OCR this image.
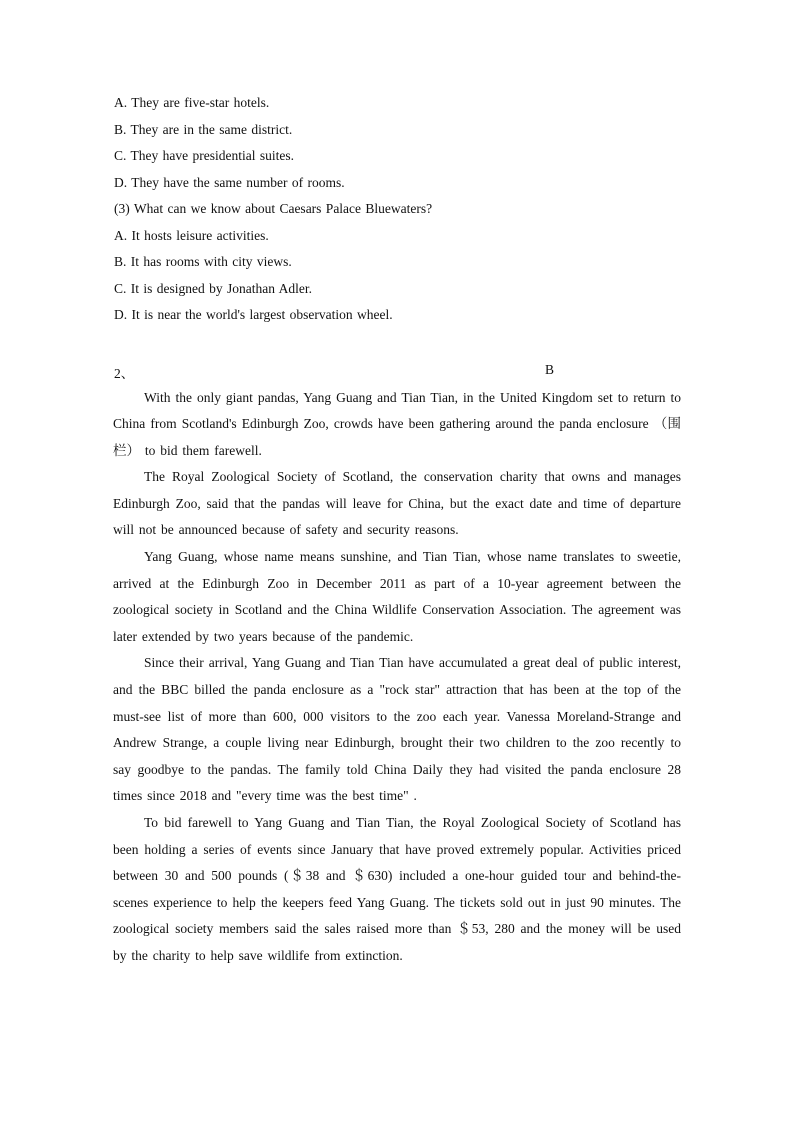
A. They are five-star hotels.
B. They are in the same district.
C. They have presidential suites.
D. They have the same number of rooms.
(3) What can we know about Caesars Palace Bluewaters?
A. It hosts leisure activities.
B. It has rooms with city views.
C. It is designed by Jonathan Adler.
D. It is near the world's largest observation wheel.
2、	B

With the only giant pandas, Yang Guang and Tian Tian, in the United Kingdom set to return to China from Scotland's Edinburgh Zoo, crowds have been gathering around the panda enclosure （围栏） to bid them farewell.

The Royal Zoological Society of Scotland, the conservation charity that owns and manages Edinburgh Zoo, said that the pandas will leave for China, but the exact date and time of departure will not be announced because of safety and security reasons.

Yang Guang, whose name means sunshine, and Tian Tian, whose name translates to sweetie, arrived at the Edinburgh Zoo in December 2011 as part of a 10-year agreement between the zoological society in Scotland and the China Wildlife Conservation Association. The agreement was later extended by two years because of the pandemic.

Since their arrival, Yang Guang and Tian Tian have accumulated a great deal of public interest, and the BBC billed the panda enclosure as a "rock star" attraction that has been at the top of the must-see list of more than 600, 000 visitors to the zoo each year. Vanessa Moreland-Strange and Andrew Strange, a couple living near Edinburgh, brought their two children to the zoo recently to say goodbye to the pandas. The family told China Daily they had visited the panda enclosure 28 times since 2018 and "every time was the best time" .

To bid farewell to Yang Guang and Tian Tian, the Royal Zoological Society of Scotland has been holding a series of events since January that have proved extremely popular. Activities priced between 30 and 500 pounds (＄38 and ＄630) included a one-hour guided tour and behind-the-scenes experience to help the keepers feed Yang Guang. The tickets sold out in just 90 minutes. The zoological society members said the sales raised more than ＄53, 280 and the money will be used by the charity to help save wildlife from extinction.
